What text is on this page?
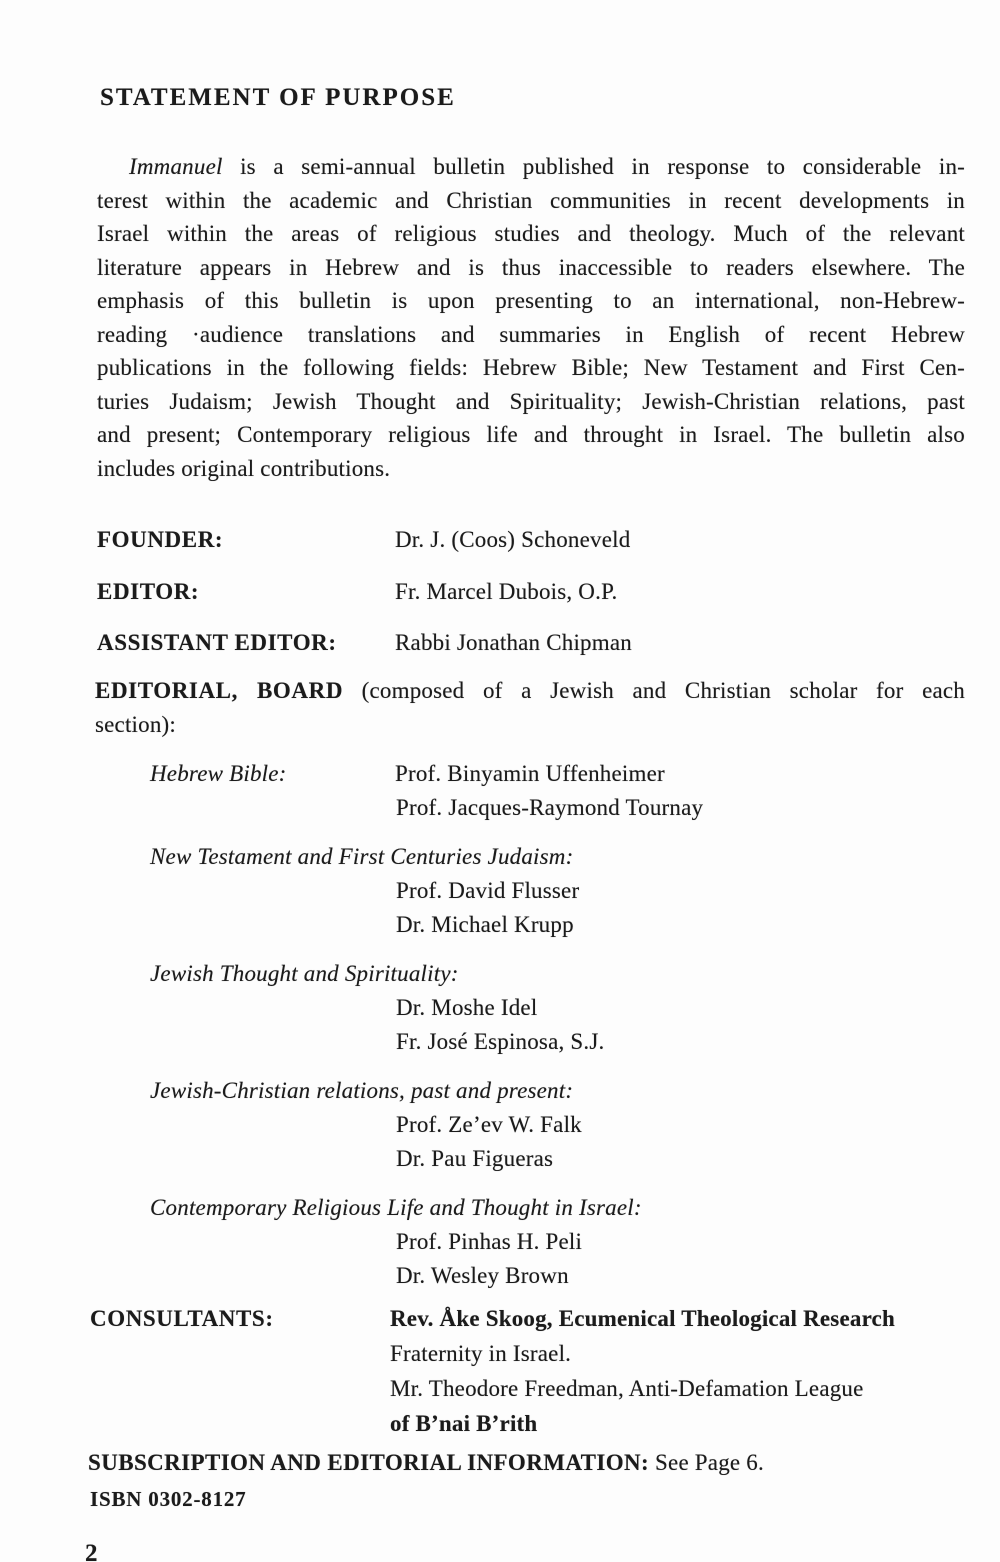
STATEMENT OF PURPOSE
Immanuel is a semi-annual bulletin published in response to considerable in-
terest within the academic and Christian communities in recent developments in
Israel within the areas of religious studies and theology. Much of the relevant
literature appears in Hebrew and is thus inaccessible to readers elsewhere. The
emphasis of this bulletin is upon presenting to an international, non-Hebrew-
reading ·audience translations and summaries in English of recent Hebrew
publications in the following fields: Hebrew Bible; New Testament and First Cen-
turies Judaism; Jewish Thought and Spirituality; Jewish-Christian relations, past
and present; Contemporary religious life and throught in Israel. The bulletin also
includes original contributions.
FOUNDER:	Dr. J. (Coos) Schoneveld
EDITOR:	Fr. Marcel Dubois, O.P.
ASSISTANT EDITOR:	Rabbi Jonathan Chipman
EDITORIAL, BOARD (composed of a Jewish and Christian scholar for each
section):
Hebrew Bible:	Prof. Binyamin Uffenheimer
Prof. Jacques-Raymond Tournay
New Testament and First Centuries Judaism:
Prof. David Flusser
Dr. Michael Krupp
Jewish Thought and Spirituality:
Dr. Moshe Idel
Fr. José Espinosa, S.J.
Jewish-Christian relations, past and present:
Prof. Ze’ev W. Falk
Dr. Pau Figueras
Contemporary Religious Life and Thought in Israel:
Prof. Pinhas H. Peli
Dr. Wesley Brown
CONSULTANTS:	Rev. Åke Skoog, Ecumenical Theological Research
Fraternity in Israel.
Mr. Theodore Freedman, Anti-Defamation League
of B’nai B’rith
SUBSCRIPTION AND EDITORIAL INFORMATION: See Page 6.
ISBN 0302-8127
2
